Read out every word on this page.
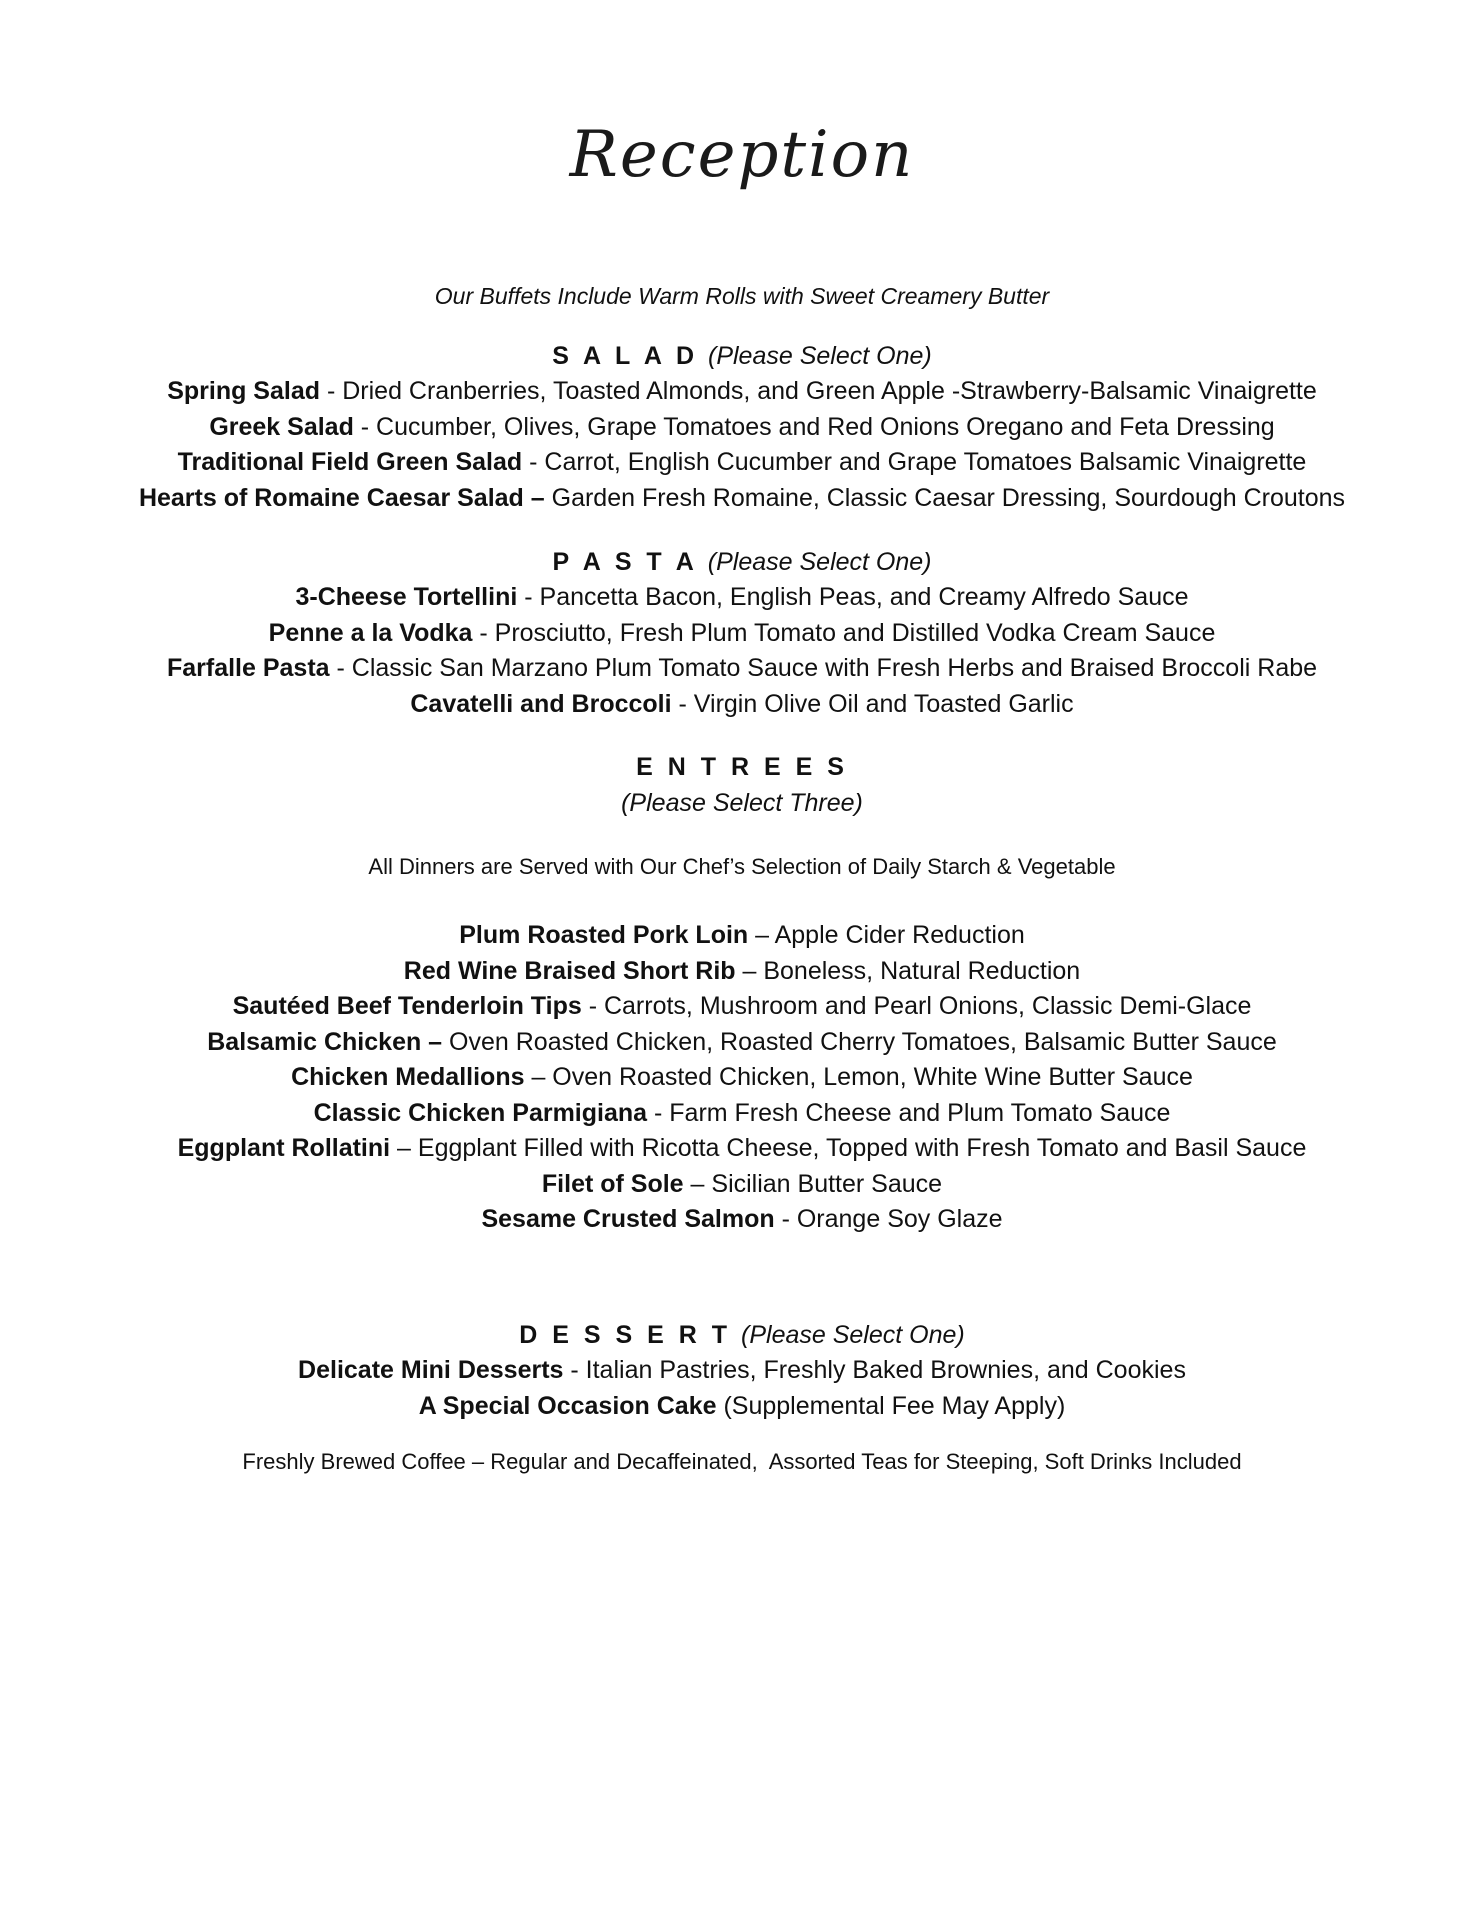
Reception
Our Buffets Include Warm Rolls with Sweet Creamery Butter
S A L A D (Please Select One)
Spring Salad - Dried Cranberries, Toasted Almonds, and Green Apple -Strawberry-Balsamic Vinaigrette
Greek Salad - Cucumber, Olives, Grape Tomatoes and Red Onions Oregano and Feta Dressing
Traditional Field Green Salad - Carrot, English Cucumber and Grape Tomatoes Balsamic Vinaigrette
Hearts of Romaine Caesar Salad – Garden Fresh Romaine, Classic Caesar Dressing, Sourdough Croutons
P A S T A (Please Select One)
3-Cheese Tortellini - Pancetta Bacon, English Peas, and Creamy Alfredo Sauce
Penne a la Vodka - Prosciutto, Fresh Plum Tomato and Distilled Vodka Cream Sauce
Farfalle Pasta - Classic San Marzano Plum Tomato Sauce with Fresh Herbs and Braised Broccoli Rabe
Cavatelli and Broccoli - Virgin Olive Oil and Toasted Garlic
E N T R E E S
(Please Select Three)
All Dinners are Served with Our Chef’s Selection of Daily Starch & Vegetable
Plum Roasted Pork Loin – Apple Cider Reduction
Red Wine Braised Short Rib – Boneless, Natural Reduction
Sautéed Beef Tenderloin Tips - Carrots, Mushroom and Pearl Onions, Classic Demi-Glace
Balsamic Chicken – Oven Roasted Chicken, Roasted Cherry Tomatoes, Balsamic Butter Sauce
Chicken Medallions – Oven Roasted Chicken, Lemon, White Wine Butter Sauce
Classic Chicken Parmigiana - Farm Fresh Cheese and Plum Tomato Sauce
Eggplant Rollatini – Eggplant Filled with Ricotta Cheese, Topped with Fresh Tomato and Basil Sauce
Filet of Sole – Sicilian Butter Sauce
Sesame Crusted Salmon - Orange Soy Glaze
D E S S E R T (Please Select One)
Delicate Mini Desserts - Italian Pastries, Freshly Baked Brownies, and Cookies
A Special Occasion Cake (Supplemental Fee May Apply)
Freshly Brewed Coffee – Regular and Decaffeinated,  Assorted Teas for Steeping, Soft Drinks Included
